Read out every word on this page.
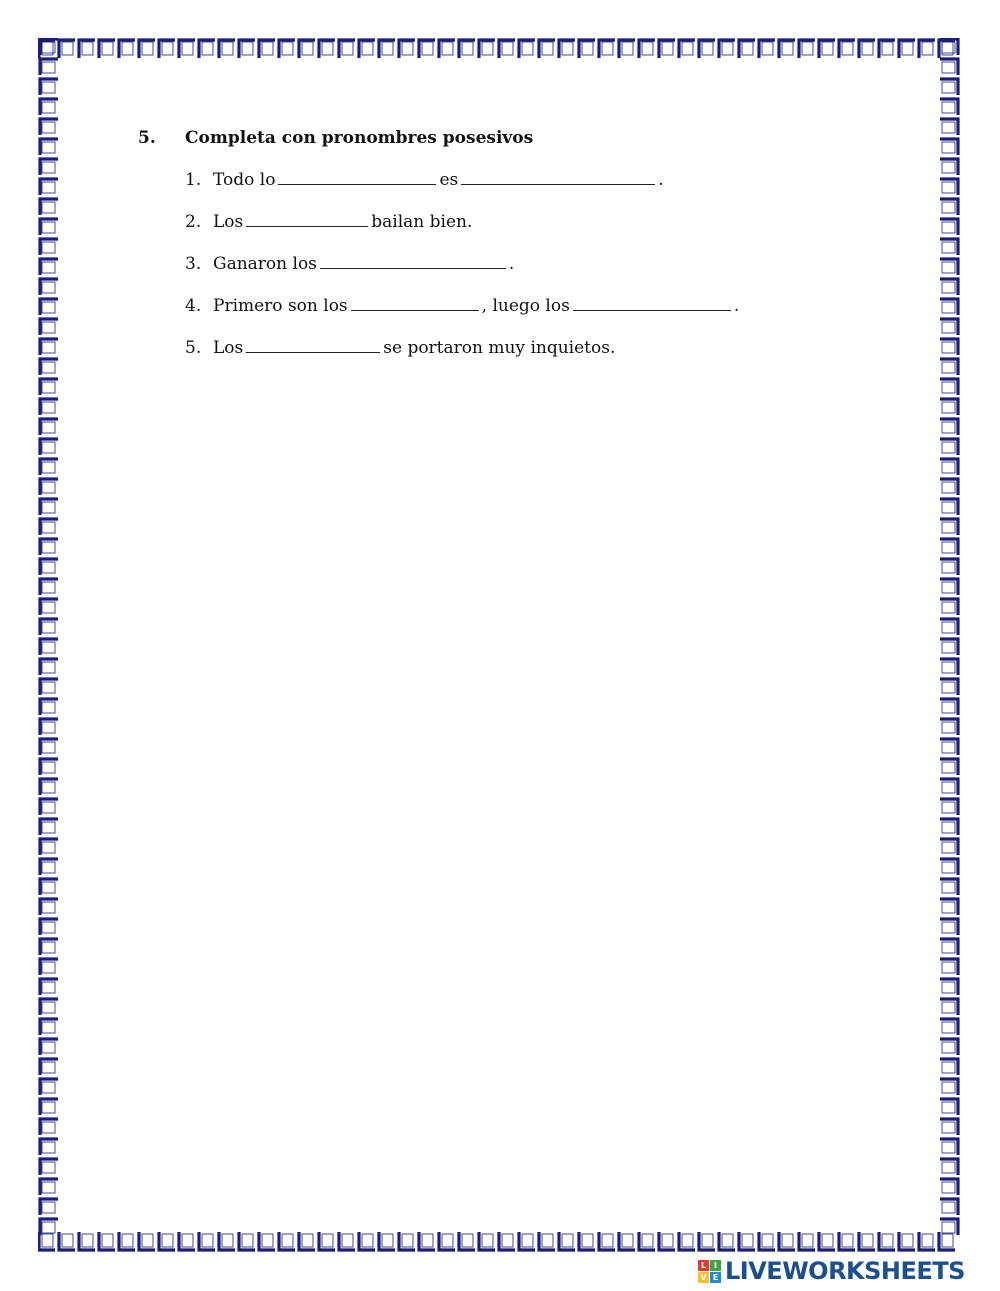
5.	Completa con pronombres posesivos
1. Todo lo	es	.
2. Los	bailan bien.
3. Ganaron los	.
4. Primero son los	, luego los	.
5. Los	se portaron muy inquietos.
L I
V E LIVEWORKSHEETS
